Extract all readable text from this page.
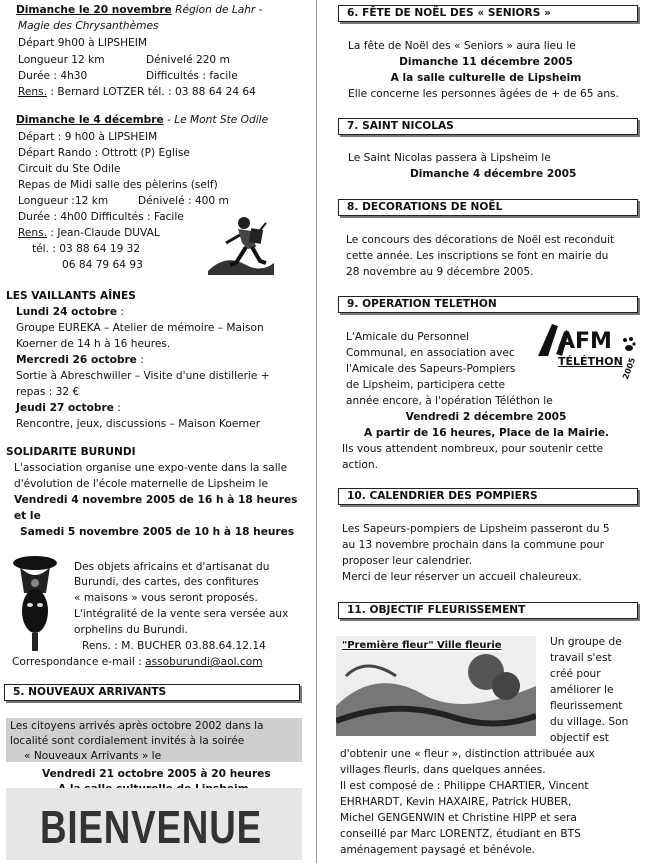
Dimanche le 20 novembre Région de Lahr -
Magie des Chrysanthèmes
Départ 9h00 à LIPSHEIM
Longueur 12 km	Dénivelé 220 m
Durée : 4h30	Difficultés : facile
Rens. : Bernard LOTZER tél. : 03 88 64 24 64
Dimanche le 4 décembre - Le Mont Ste Odile
Départ : 9 h00 à LIPSHEIM
Départ Rando : Ottrott (P) Eglise
Circuit du Ste Odile
Repas de Midi salle des pèlerins (self)
Longueur :12 km	Dénivelé : 400 m
Durée : 4h00 Difficultés : Facile
Rens. : Jean-Claude DUVAL
tél. : 03 88 64 19 32
06 84 79 64 93
LES VAILLANTS AÎNES
Lundi 24 octobre :
Groupe EUREKA – Atelier de mémoire – Maison
Koerner de 14 h à 16 heures.
Mercredi 26 octobre :
Sortie à Abreschwiller – Visite d'une distillerie +
repas : 32 €
Jeudi 27 octobre :
Rencontre, jeux, discussions – Maison Koerner
SOLIDARITE BURUNDI
L'association organise une expo-vente dans la salle
d'évolution de l'école maternelle de Lipsheim le
Vendredi 4 novembre 2005 de 16 h à 18 heures
et le
Samedi 5 novembre 2005 de 10 h à 18 heures
Des objets africains et d'artisanat du
Burundi, des cartes, des confitures
« maisons » vous seront proposés.
L'intégralité de la vente sera versée aux
orphelins du Burundi.
Rens. : M. BUCHER 03.88.64.12.14
Correspondance e-mail : assoburundi@aol.com
5. NOUVEAUX ARRIVANTS
Les citoyens arrivés après octobre 2002 dans la
localité sont cordialement invités à la soirée
« Nouveaux Arrivants » le
Vendredi 21 octobre 2005 à 20 heures
BIENVENUE
6. FÊTE DE NOËL DES « SENIORS »
La fête de Noël des « Seniors » aura lieu le
Dimanche 11 décembre 2005
A la salle culturelle de Lipsheim
Elle concerne les personnes âgées de + de 65 ans.
7. SAINT NICOLAS
Le Saint Nicolas passera à Lipsheim le
Dimanche 4 décembre 2005
8. DECORATIONS DE NOËL
Le concours des décorations de Noël est reconduit
cette année. Les inscriptions se font en mairie du
28 novembre au 9 décembre 2005.
9. OPERATION TELETHON
L'Amicale du Personnel
Communal, en association avec
l'Amicale des Sapeurs-Pompiers
de Lipsheim, participera cette
année encore, à l'opération Téléthon le
Vendredi 2 décembre 2005
A partir de 16 heures, Place de la Mairie.
Ils vous attendent nombreux, pour soutenir cette
action.
AFM
TÉLÉTHON
2005
10. CALENDRIER DES POMPIERS
Les Sapeurs-pompiers de Lipsheim passeront du 5
au 13 novembre prochain dans la commune pour
proposer leur calendrier.
Merci de leur réserver un accueil chaleureux.
11. OBJECTIF FLEURISSEMENT
"Première fleur" Ville fleurie	Un groupe de
travail s'est
créé pour
améliorer le
fleurissement
du village. Son
objectif est
d'obtenir une « fleur », distinction attribuée aux
villages fleuris, dans quelques années.
Il est composé de : Philippe CHARTIER, Vincent
EHRHARDT, Kevin HAXAIRE, Patrick HUBER,
Michel GENGENWIN et Christine HIPP et sera
conseillé par Marc LORENTZ, étudiant en BTS
aménagement paysagé et bénévole.
